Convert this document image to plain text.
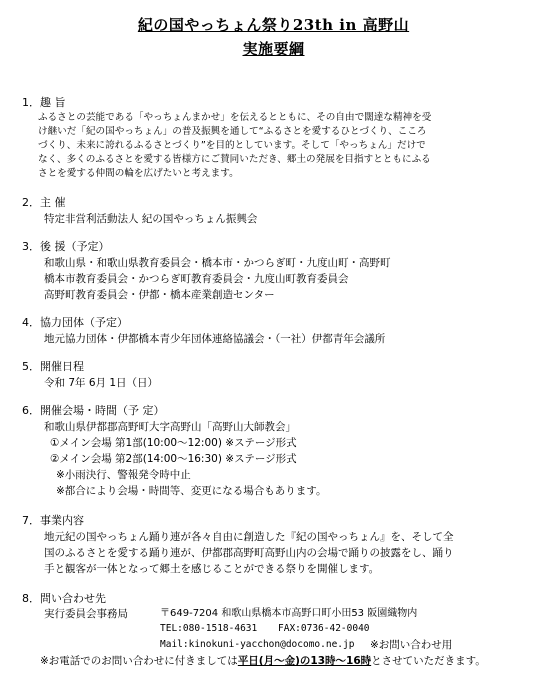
紀の国やっちょん祭り23th in 高野山
実施要綱
1．趣 旨
ふるさとの芸能である「やっちょんまかせ」を伝えるとともに、その自由で闊達な精神を受
け継いだ「紀の国やっちょん」の普及振興を通して“ふるさとを愛するひとづくり、こころ
づくり、未来に誇れるふるさとづくり”を目的としています。そして「やっちょん」だけで
なく、多くのふるさとを愛する皆様方にご賛同いただき、郷土の発展を目指すとともにふる
さとを愛する仲間の輪を広げたいと考えます。
2．主 催
特定非営利活動法人 紀の国やっちょん振興会
3．後 援（予定）
和歌山県・和歌山県教育委員会・橋本市・かつらぎ町・九度山町・高野町
橋本市教育委員会・かつらぎ町教育委員会・九度山町教育委員会
高野町教育委員会・伊都・橋本産業創造センター
4．協力団体（予定）
地元協力団体・伊都橋本青少年団体連絡協議会・（一社）伊都青年会議所
5．開催日程
令和 7年 6月 1日（日）
6．開催会場・時間（予 定）
和歌山県伊都郡高野町大字高野山「高野山大師教会」
①メイン会場 第1部(10:00～12:00) ※ステージ形式
②メイン会場 第2部(14:00～16:30) ※ステージ形式
※小雨決行、警報発令時中止
※都合により会場・時間等、変更になる場合もあります。
7．事業内容
地元紀の国やっちょん踊り連が各々自由に創造した『紀の国やっちょん』を、そして全
国のふるさとを愛する踊り連が、伊都郡高野町高野山内の会場で踊りの披露をし、踊り
手と観客が一体となって郷土を感じることができる祭りを開催します。
8．問い合わせ先
実行委員会事務局	〒649-7204 和歌山県橋本市高野口町小田53 阪園織物内
TEL:080-1518-4631 FAX:0736-42-0040
Mail:kinokuni-yacchon@docomo.ne.jp ※お問い合わせ用
※お電話でのお問い合わせに付きましては平日(月～金)の13時～16時とさせていただきます。
